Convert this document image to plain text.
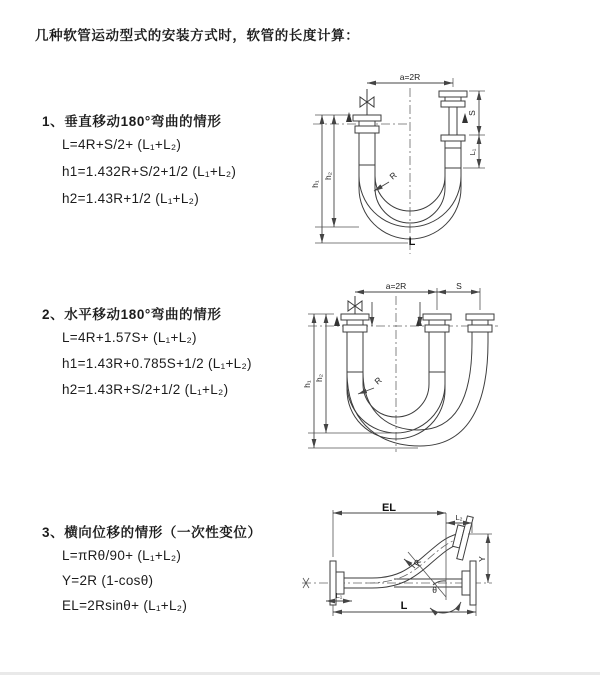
几种软管运动型式的安装方式时，软管的长度计算：
1、垂直移动180°弯曲的情形
L=4R+S/2+ (L₁+L₂)
h1=1.432R+S/2+1/2 (L₁+L₂)
h2=1.43R+1/2 (L₁+L₂)
2、水平移动180°弯曲的情形
L=4R+1.57S+ (L₁+L₂)
h1=1.43R+0.785S+1/2 (L₁+L₂)
h2=1.43R+S/2+1/2 (L₁+L₂)
3、横向位移的情形（一次性变位）
L=πRθ/90+ (L₁+L₂)
Y=2R (1-cosθ)
EL=2Rsinθ+ (L₁+L₂)
a=2R
h₁
h₂
S
L₁
R
L
a=2R	S
h₁
h₂	R
θ
R
EL
L₂
Y
L
L₁
